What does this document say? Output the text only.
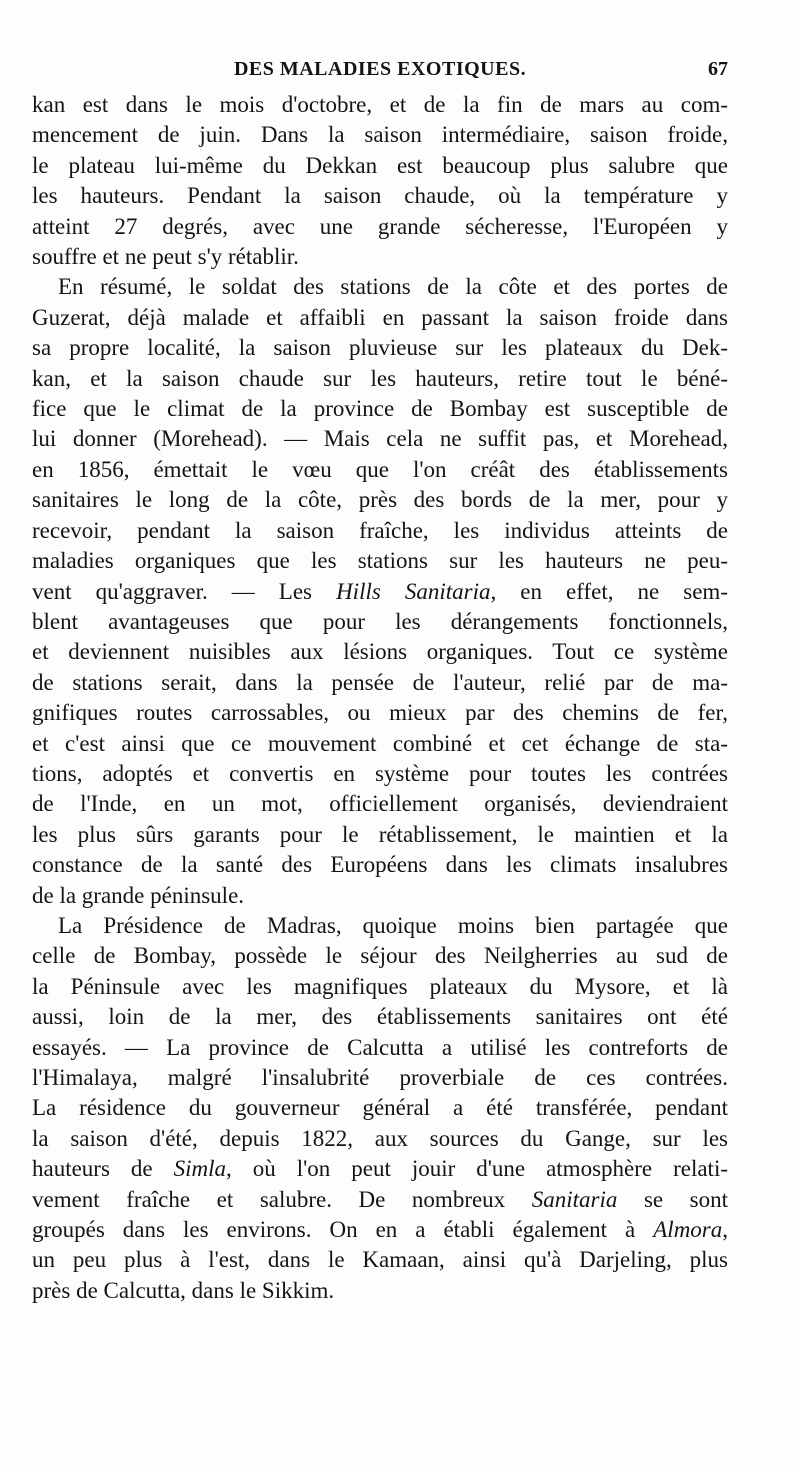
DES MALADIES EXOTIQUES.	67

kan est dans le mois d'octobre, et de la fin de mars au com-
mencement de juin. Dans la saison intermédiaire, saison froide,
le plateau lui-même du Dekkan est beaucoup plus salubre que
les hauteurs. Pendant la saison chaude, où la température y
atteint 27 degrés, avec une grande sécheresse, l'Européen y
souffre et ne peut s'y rétablir.

En résumé, le soldat des stations de la côte et des portes de
Guzerat, déjà malade et affaibli en passant la saison froide dans
sa propre localité, la saison pluvieuse sur les plateaux du Dek-
kan, et la saison chaude sur les hauteurs, retire tout le béné-
fice que le climat de la province de Bombay est susceptible de
lui donner (Morehead). — Mais cela ne suffit pas, et Morehead,
en 1856, émettait le vœu que l'on créât des établissements
sanitaires le long de la côte, près des bords de la mer, pour y
recevoir, pendant la saison fraîche, les individus atteints de
maladies organiques que les stations sur les hauteurs ne peu-
vent qu'aggraver. — Les Hills Sanitaria, en effet, ne sem-
blent avantageuses que pour les dérangements fonctionnels,
et deviennent nuisibles aux lésions organiques. Tout ce système
de stations serait, dans la pensée de l'auteur, relié par de ma-
gnifiques routes carrossables, ou mieux par des chemins de fer,
et c'est ainsi que ce mouvement combiné et cet échange de sta-
tions, adoptés et convertis en système pour toutes les contrées
de l'Inde, en un mot, officiellement organisés, deviendraient
les plus sûrs garants pour le rétablissement, le maintien et la
constance de la santé des Européens dans les climats insalubres
de la grande péninsule.

La Présidence de Madras, quoique moins bien partagée que
celle de Bombay, possède le séjour des Neilgherries au sud de
la Péninsule avec les magnifiques plateaux du Mysore, et là
aussi, loin de la mer, des établissements sanitaires ont été
essayés. — La province de Calcutta a utilisé les contreforts de
l'Himalaya, malgré l'insalubrité proverbiale de ces contrées.
La résidence du gouverneur général a été transférée, pendant
la saison d'été, depuis 1822, aux sources du Gange, sur les
hauteurs de Simla, où l'on peut jouir d'une atmosphère relati-
vement fraîche et salubre. De nombreux Sanitaria se sont
groupés dans les environs. On en a établi également à Almora,
un peu plus à l'est, dans le Kamaan, ainsi qu'à Darjeling, plus
près de Calcutta, dans le Sikkim.
